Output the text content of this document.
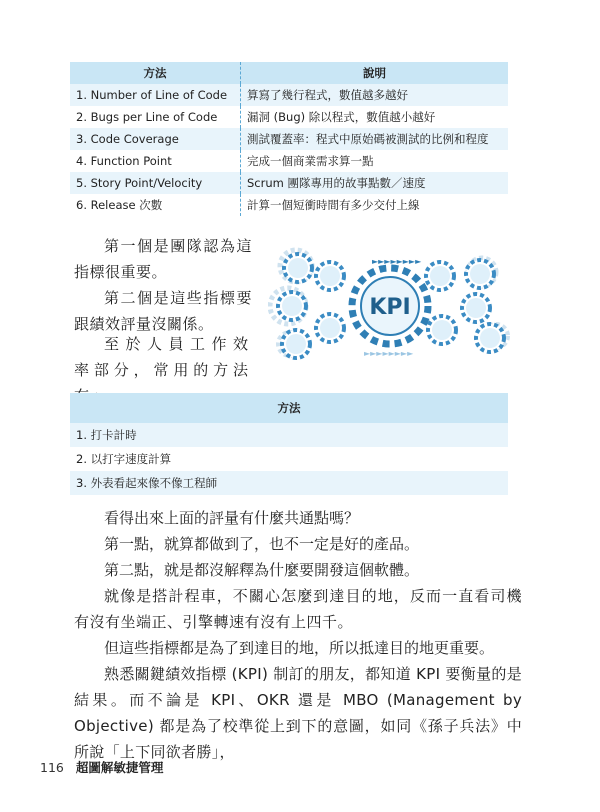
方法	說明
1. Number of Line of Code	算寫了幾行程式，數值越多越好
2. Bugs per Line of Code	漏洞 (Bug) 除以程式，數值越小越好
3. Code Coverage	測試覆蓋率：程式中原始碼被測試的比例和程度
4. Function Point	完成一個商業需求算一點
5. Story Point/Velocity	Scrum 團隊專用的故事點數／速度
6. Release 次數	計算一個短衝時間有多少交付上線

第一個是團隊認為這指標很重要。

第二個是這些指標要跟績效評量沒關係。

至於人員工作效率部分，常用的方法

►►►►►►►►
►►►►►►►►
KPI
方法
1. 打卡計時
2. 以打字速度計算
3. 外表看起來像不像工程師

看得出來上面的評量有什麼共通點嗎？

第一點，就算都做到了，也不一定是好的產品。

第二點，就是都沒解釋為什麼要開發這個軟體。

就像是搭計程車，不關心怎麼到達目的地，反而一直看司機有沒有坐端正、引擎轉速有沒有上四千。

但這些指標都是為了到達目的地，所以抵達目的地更重要。

熟悉關鍵績效指標 (KPI) 制訂的朋友，都知道 KPI 要衡量的是結果。而不論是 KPI、OKR 還是 MBO (Management by Objective) 都是為了校準從上到下的意圖，如同《孫子兵法》中所說「上下同欲者勝」，

116 超圖解敏捷管理
